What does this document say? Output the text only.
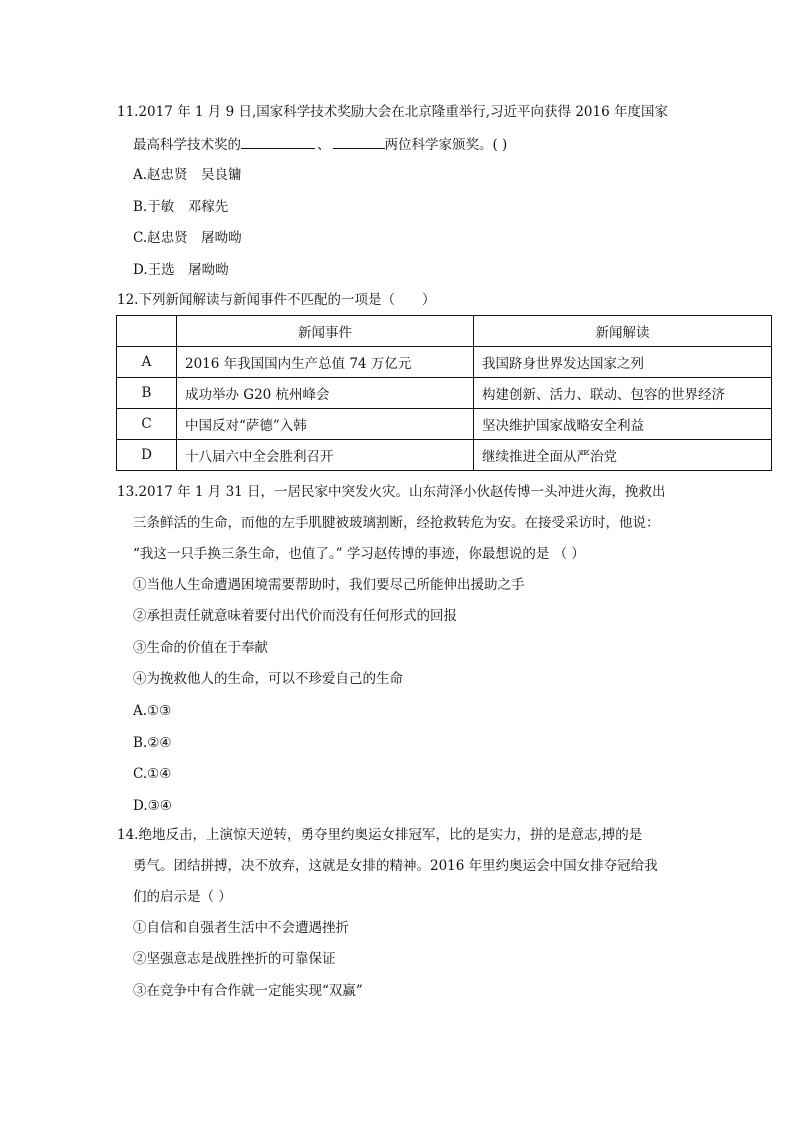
11.2017 年 1 月 9 日,国家科学技术奖励大会在北京隆重举行,习近平向获得 2016 年度国家
最高科学技术奖的	、	两位科学家颁奖。( )
A.赵忠贤　吴良镛
B.于敏　邓稼先
C.赵忠贤　屠呦呦
D.王选　屠呦呦
12.下列新闻解读与新闻事件不匹配的一项是（　　）
	新闻事件	新闻解读
A	2016 年我国国内生产总值 74 万亿元	我国跻身世界发达国家之列
B	成功举办 G20 杭州峰会	构建创新、活力、联动、包容的世界经济
C	中国反对“萨德”入韩	坚决维护国家战略安全利益
D	十八届六中全会胜利召开	继续推进全面从严治党
13.2017 年 1 月 31 日，一居民家中突发火灾。山东菏泽小伙赵传博一头冲进火海，挽救出
三条鲜活的生命，而他的左手肌腱被玻璃割断，经抢救转危为安。在接受采访时，他说：
“我这一只手换三条生命，也值了。” 学习赵传博的事迹，你最想说的是 （ ）
①当他人生命遭遇困境需要帮助时，我们要尽己所能伸出援助之手
②承担责任就意味着要付出代价而没有任何形式的回报
③生命的价值在于奉献
④为挽救他人的生命，可以不珍爱自己的生命
A.①③
B.②④
C.①④
D.③④
14.绝地反击，上演惊天逆转，勇夺里约奥运女排冠军，比的是实力，拼的是意志,搏的是
勇气。团结拼搏，决不放弃，这就是女排的精神。2016 年里约奥运会中国女排夺冠给我
们的启示是（ ）
①自信和自强者生活中不会遭遇挫折
②坚强意志是战胜挫折的可靠保证
③在竞争中有合作就一定能实现“双赢”
